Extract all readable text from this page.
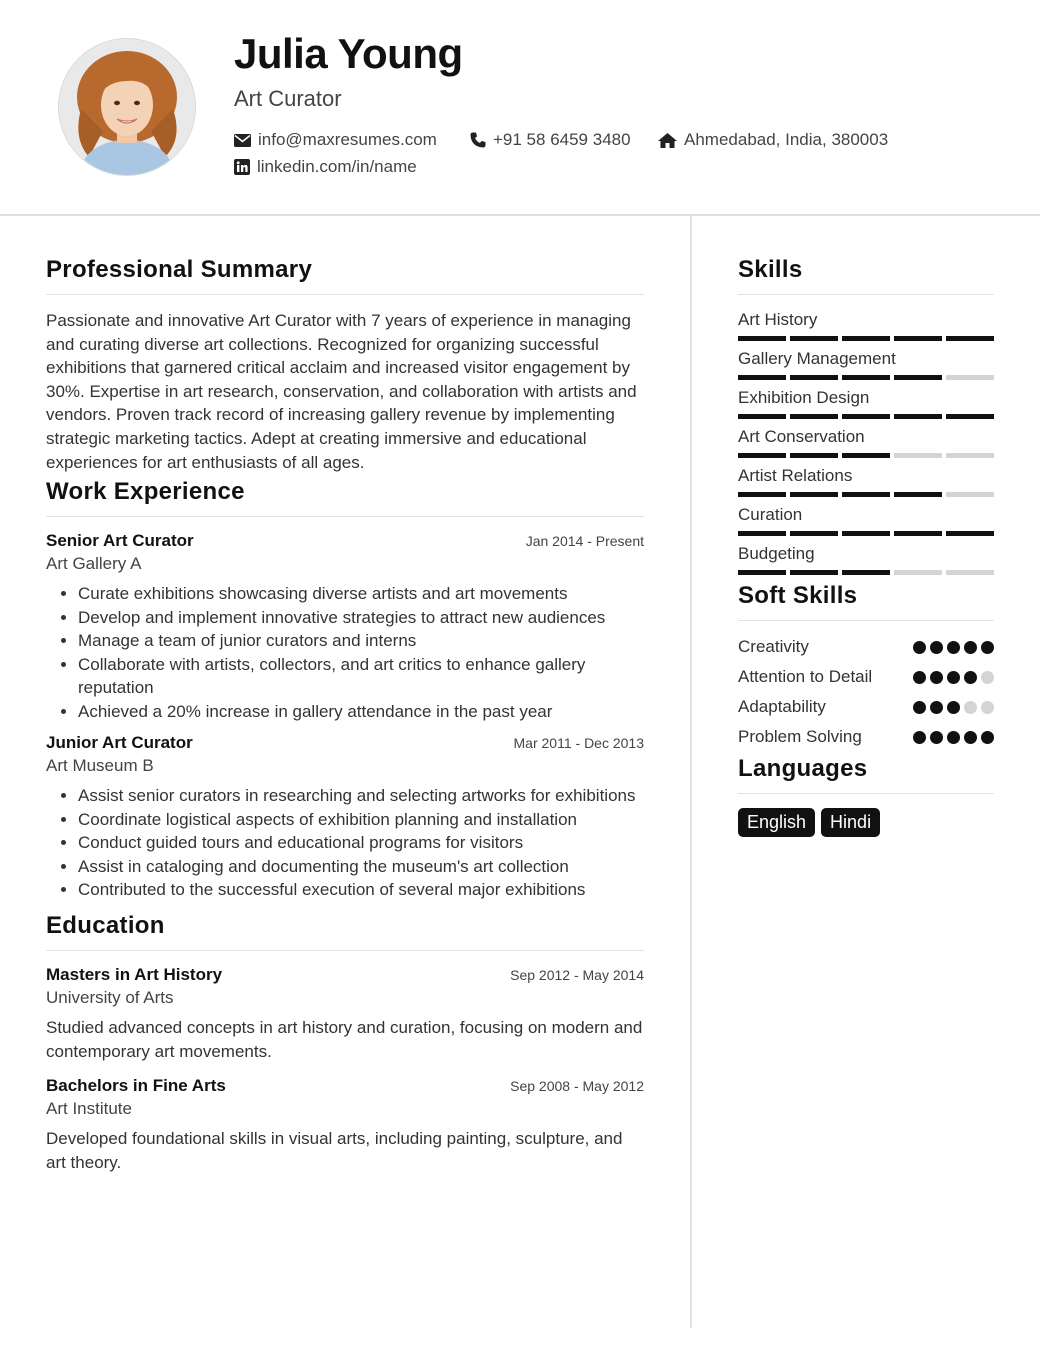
Julia Young
Art Curator
info@maxresumes.com	+91 58 6459 3480	Ahmedabad, India, 380003
linkedin.com/in/name
Professional Summary

Passionate and innovative Art Curator with 7 years of experience in managing and curating diverse art collections. Recognized for organizing successful exhibitions that garnered critical acclaim and increased visitor engagement by 30%. Expertise in art research, conservation, and collaboration with artists and vendors. Proven track record of increasing gallery revenue by implementing strategic marketing tactics. Adept at creating immersive and educational experiences for art enthusiasts of all ages.

Work Experience
Senior Art Curator	Jan 2014 - Present
Art Gallery A
• Curate exhibitions showcasing diverse artists and art movements
• Develop and implement innovative strategies to attract new audiences
• Manage a team of junior curators and interns
• Collaborate with artists, collectors, and art critics to enhance gallery reputation
• Achieved a 20% increase in gallery attendance in the past year
Junior Art Curator	Mar 2011 - Dec 2013
Art Museum B
• Assist senior curators in researching and selecting artworks for exhibitions
• Coordinate logistical aspects of exhibition planning and installation
• Conduct guided tours and educational programs for visitors
• Assist in cataloging and documenting the museum's art collection
• Contributed to the successful execution of several major exhibitions
Education
Masters in Art History	Sep 2012 - May 2014
University of Arts
Studied advanced concepts in art history and curation, focusing on modern and contemporary art movements.
Bachelors in Fine Arts	Sep 2008 - May 2012
Art Institute
Developed foundational skills in visual arts, including painting, sculpture, and art theory.
Skills
Art History
Gallery Management
Exhibition Design
Art Conservation
Artist Relations
Curation
Budgeting
Soft Skills
Creativity
Attention to Detail
Adaptability
Problem Solving
Languages
English	Hindi
